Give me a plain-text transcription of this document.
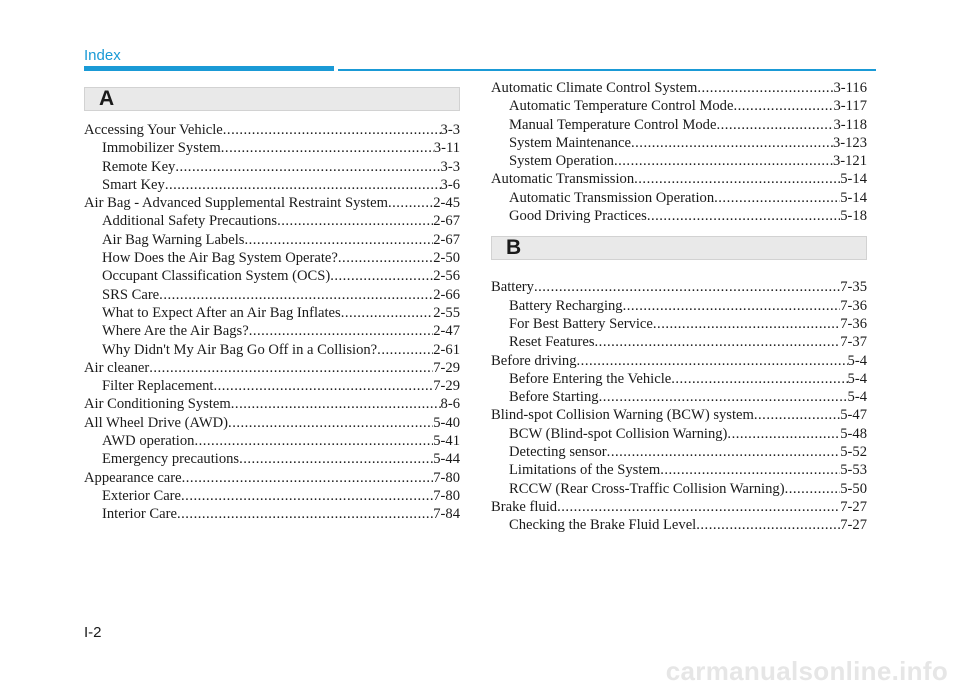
Index
A
Accessing Your Vehicle .....	3-3
Immobilizer System .....	3-11
Remote Key .....	3-3
Smart Key .....	3-6
Air Bag - Advanced Supplemental Restraint System .....	2-45
Additional Safety Precautions .....	2-67
Air Bag Warning Labels .....	2-67
How Does the Air Bag System Operate? .....	2-50
Occupant Classification System (OCS) .....	2-56
SRS Care .....	2-66
What to Expect After an Air Bag Inflates .....	2-55
Where Are the Air Bags? .....	2-47
Why Didn't My Air Bag Go Off in a Collision? .....	2-61
Air cleaner .....	7-29
Filter Replacement .....	7-29
Air Conditioning System .....	8-6
All Wheel Drive (AWD) .....	5-40
AWD operation .....	5-41
Emergency precautions .....	5-44
Appearance care .....	7-80
Exterior Care .....	7-80
Interior Care .....	7-84
Automatic Climate Control System .....	3-116
Automatic Temperature Control Mode .....	3-117
Manual Temperature Control Mode .....	3-118
System Maintenance .....	3-123
System Operation .....	3-121
Automatic Transmission .....	5-14
Automatic Transmission Operation .....	5-14
Good Driving Practices .....	5-18
B
Battery .....	7-35
Battery Recharging .....	7-36
For Best Battery Service .....	7-36
Reset Features .....	7-37
Before driving .....	5-4
Before Entering the Vehicle .....	5-4
Before Starting .....	5-4
Blind-spot Collision Warning (BCW) system .....	5-47
BCW (Blind-spot Collision Warning) .....	5-48
Detecting sensor .....	5-52
Limitations of the System .....	5-53
RCCW (Rear Cross-Traffic Collision Warning) .....	5-50
Brake fluid .....	7-27
Checking the Brake Fluid Level .....	7-27
I-2
carmanualsonline.info
